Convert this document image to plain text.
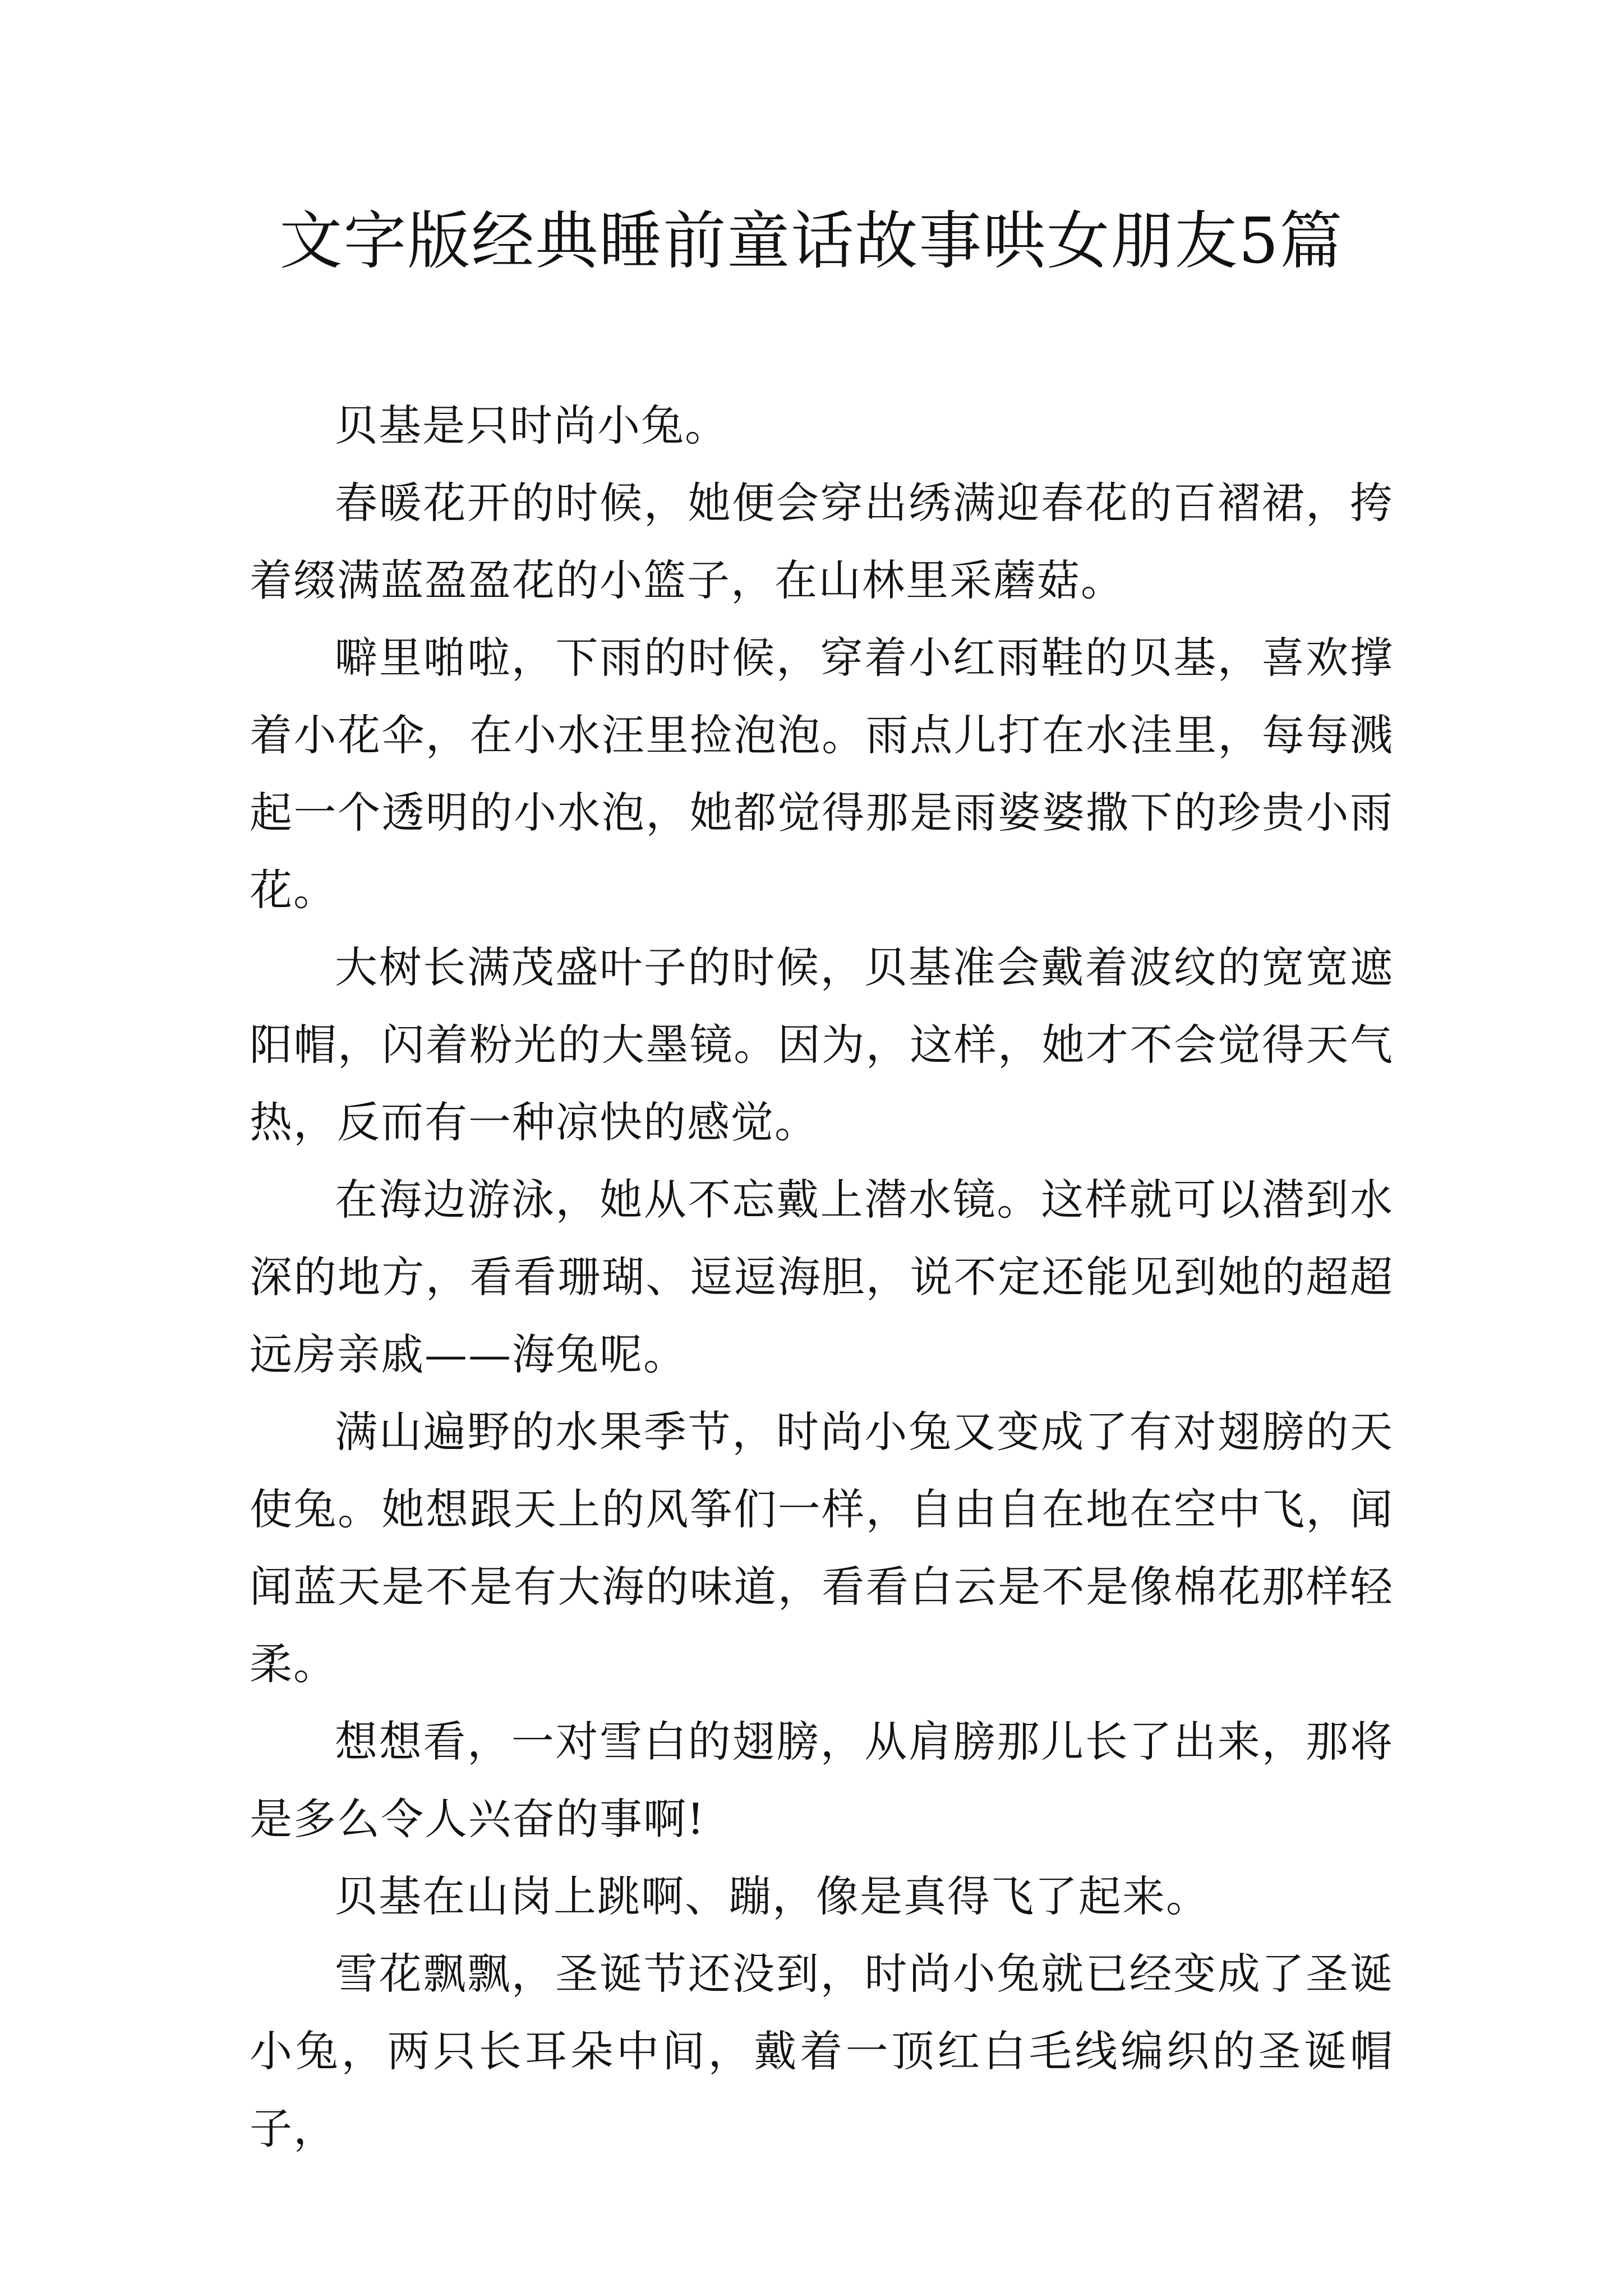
文字版经典睡前童话故事哄女朋友5篇

贝基是只时尚小兔。

春暖花开的时候，她便会穿出绣满迎春花的百褶裙，挎着缀满蓝盈盈花的小篮子，在山林里采蘑菇。

噼里啪啦，下雨的时候，穿着小红雨鞋的贝基，喜欢撑着小花伞，在小水汪里捡泡泡。雨点儿打在水洼里，每每溅起一个透明的小水泡，她都觉得那是雨婆婆撒下的珍贵小雨花。

大树长满茂盛叶子的时候，贝基准会戴着波纹的宽宽遮阳帽，闪着粉光的大墨镜。因为，这样，她才不会觉得天气热，反而有一种凉快的感觉。

在海边游泳，她从不忘戴上潜水镜。这样就可以潜到水深的地方，看看珊瑚、逗逗海胆，说不定还能见到她的超超远房亲戚——海兔呢。

满山遍野的水果季节，时尚小兔又变成了有对翅膀的天使兔。她想跟天上的风筝们一样，自由自在地在空中飞，闻闻蓝天是不是有大海的味道，看看白云是不是像棉花那样轻柔。

想想看，一对雪白的翅膀，从肩膀那儿长了出来，那将是多么令人兴奋的事啊!

贝基在山岗上跳啊、蹦，像是真得飞了起来。

雪花飘飘，圣诞节还没到，时尚小兔就已经变成了圣诞小兔，两只长耳朵中间，戴着一顶红白毛线编织的圣诞帽子，
